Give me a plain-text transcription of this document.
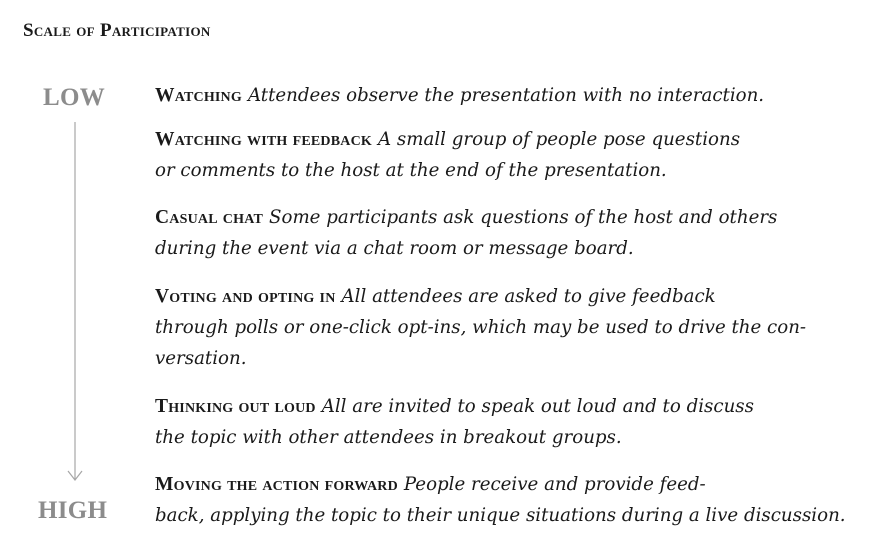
Scale of Participation
LOW
HIGH
Watching Attendees observe the presentation with no interaction.
Watching with feedback A small group of people pose questions
or comments to the host at the end of the presentation.
Casual chat Some participants ask questions of the host and others
during the event via a chat room or message board.
Voting and opting in All attendees are asked to give feedback
through polls or one-click opt-ins, which may be used to drive the con-
versation.
Thinking out loud All are invited to speak out loud and to discuss
the topic with other attendees in breakout groups.
Moving the action forward People receive and provide feed-
back, applying the topic to their unique situations during a live discussion.
